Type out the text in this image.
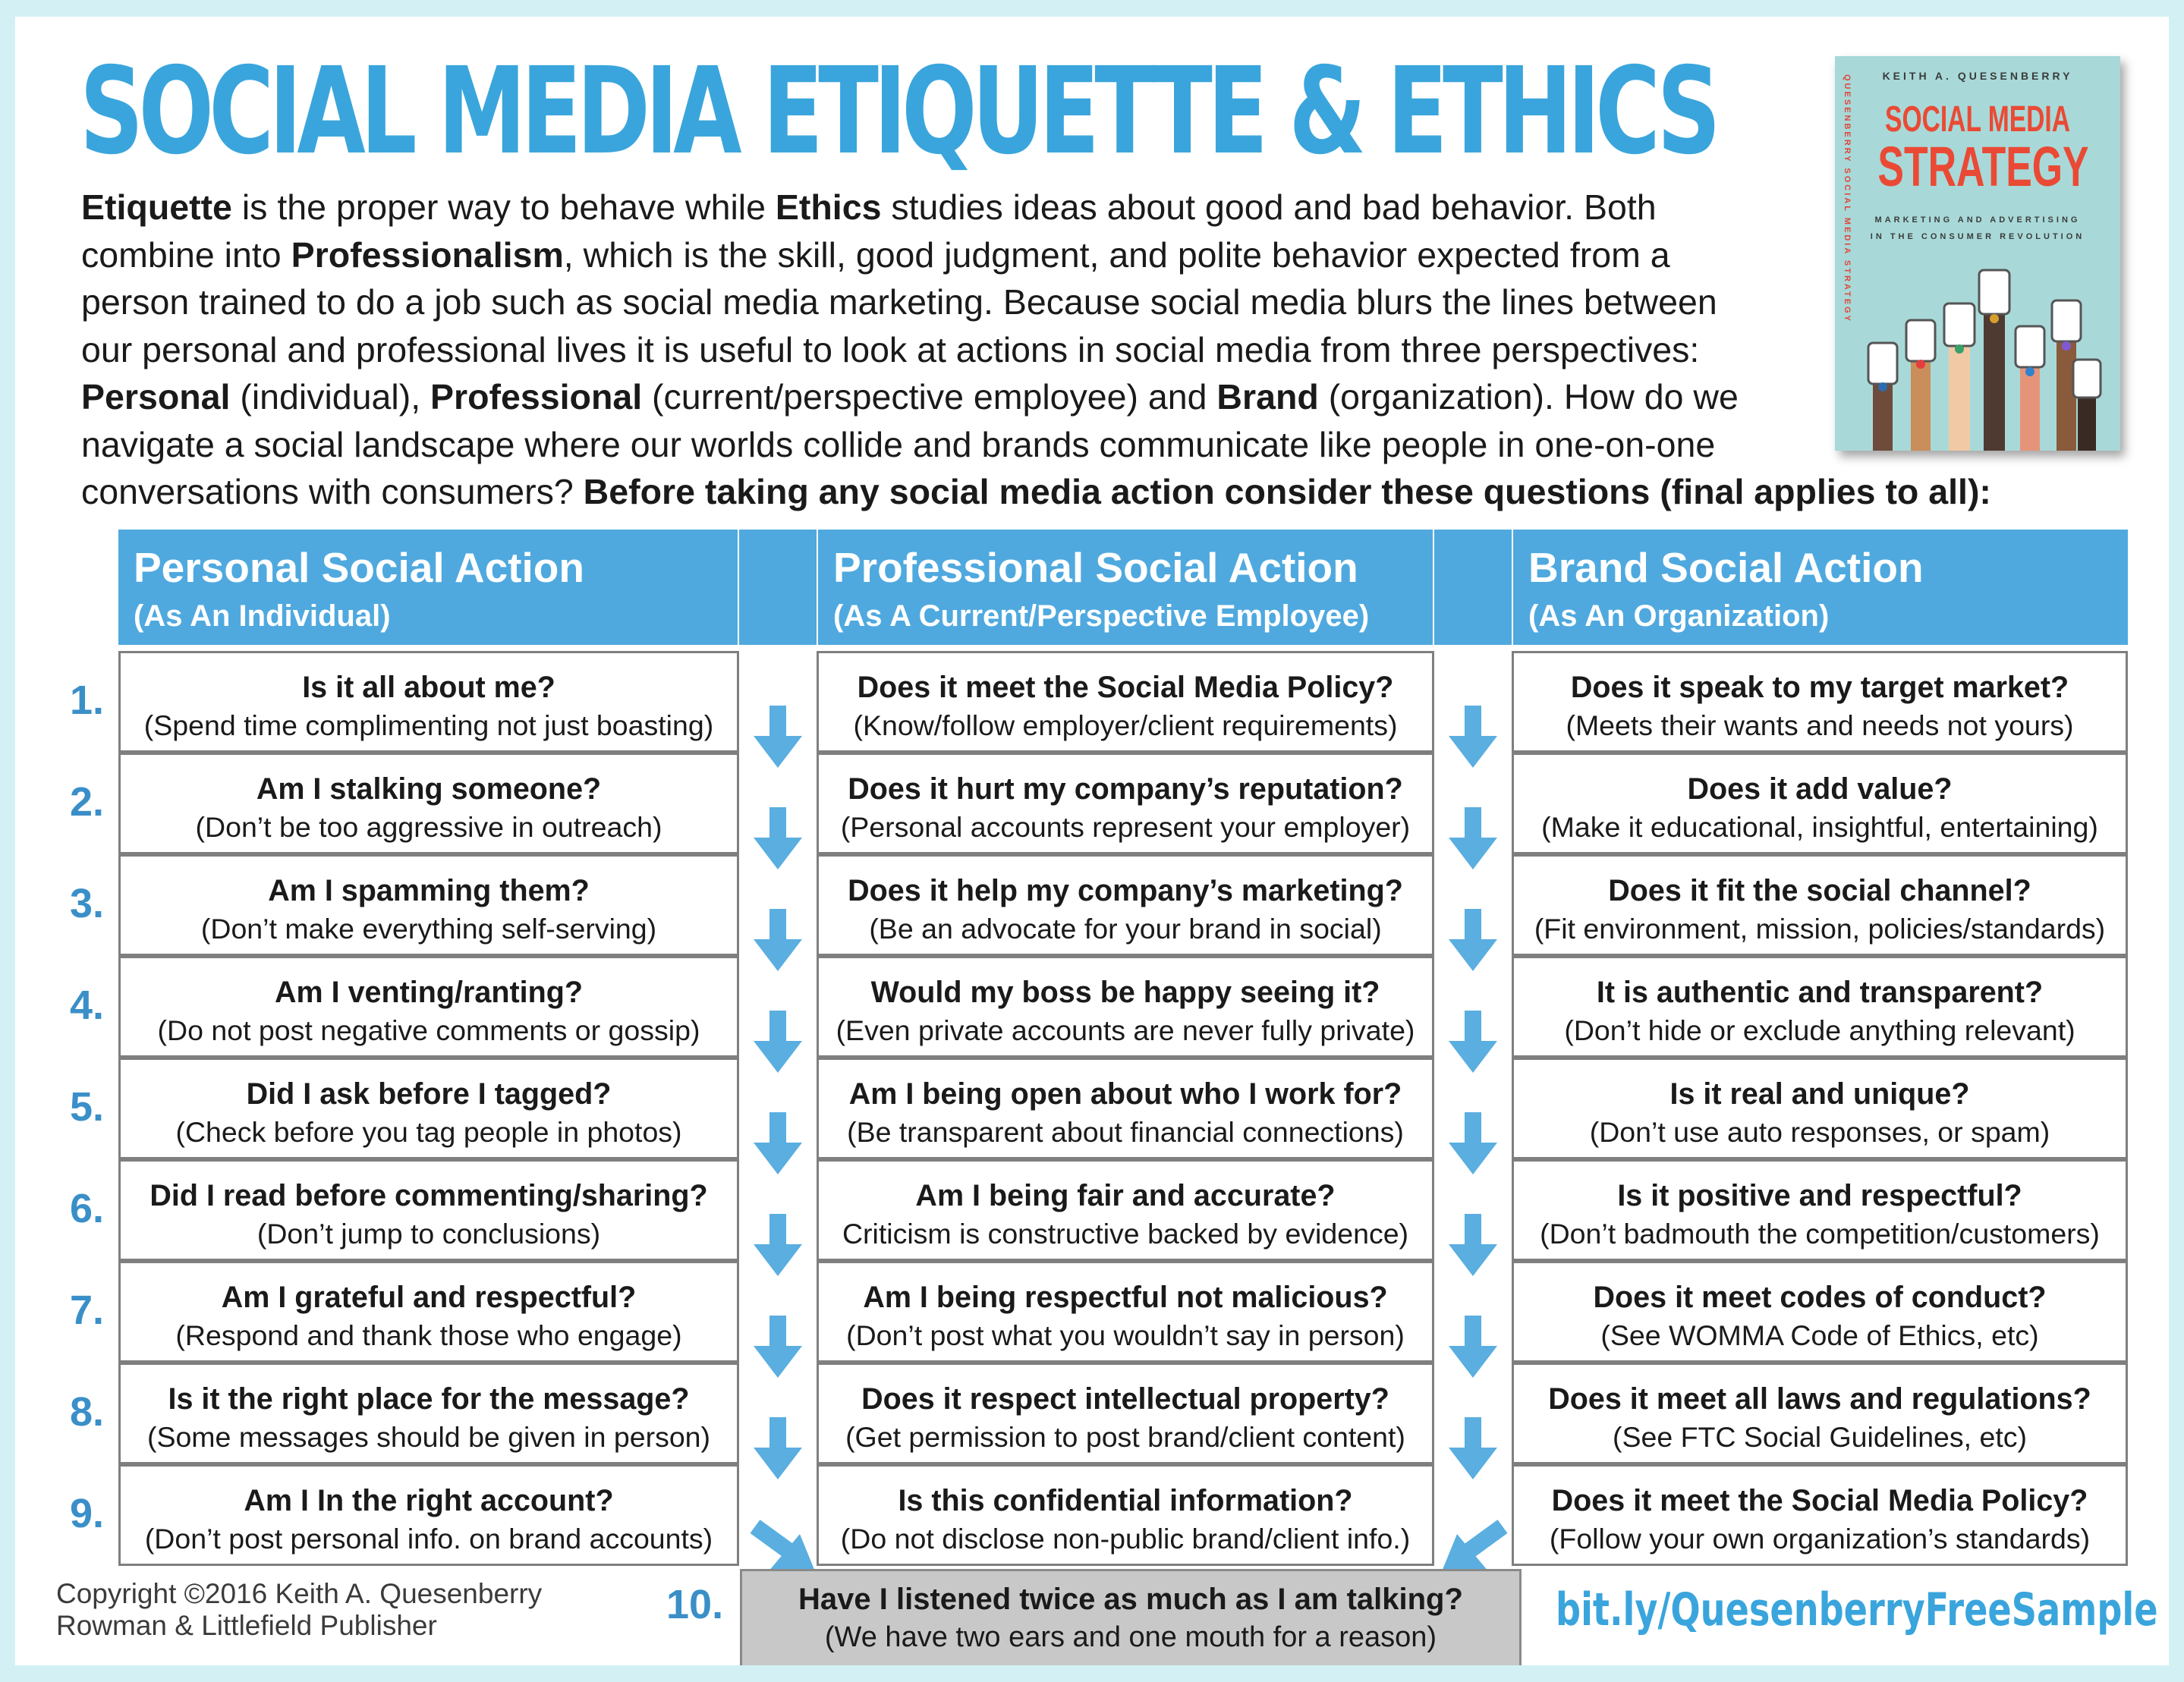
SOCIAL MEDIA ETIQUETTE & ETHICS

Etiquette is the proper way to behave while Ethics studies ideas about good and bad behavior. Both

combine into Professionalism, which is the skill, good judgment, and polite behavior expected from a

person trained to do a job such as social media marketing. Because social media blurs the lines between

our personal and professional lives it is useful to look at actions in social media from three perspectives:

Personal (individual), Professional (current/perspective employee) and Brand (organization). How do we

navigate a social landscape where our worlds collide and brands communicate like people in one-on-one

conversations with consumers? Before taking any social media action consider these questions (final applies to all):

KEITH A. QUESENBERRY
QUESENBERRY SOCIAL MEDIA STRATEGY SOCIAL MEDIA
STRATEGY
MARKETING AND ADVERTISING IN THE CONSUMER REVOLUTION
Personal Social Action
(As An Individual)
Professional Social Action
(As A Current/Perspective Employee)
Brand Social Action
(As An Organization)
1.
2.
3.
4.
5.
6.
7.
8.
9.
Is it all about me?
(Spend time complimenting not just boasting)
Am I stalking someone?
(Don’t be too aggressive in outreach)
Am I spamming them?
(Don’t make everything self-serving)
Am I venting/ranting?
(Do not post negative comments or gossip)
Did I ask before I tagged?
(Check before you tag people in photos)
Did I read before commenting/sharing?
(Don’t jump to conclusions)
Am I grateful and respectful?
(Respond and thank those who engage)
Is it the right place for the message?
(Some messages should be given in person)
Am I In the right account?
(Don’t post personal info. on brand accounts)
Does it meet the Social Media Policy?
(Know/follow employer/client requirements)
Does it hurt my company’s reputation?
(Personal accounts represent your employer)
Does it help my company’s marketing?
(Be an advocate for your brand in social)
Would my boss be happy seeing it?
(Even private accounts are never fully private)
Am I being open about who I work for?
(Be transparent about financial connections)
Am I being fair and accurate?
Criticism is constructive backed by evidence)
Am I being respectful not malicious?
(Don’t post what you wouldn’t say in person)
Does it respect intellectual property?
(Get permission to post brand/client content)
Is this confidential information?
(Do not disclose non-public brand/client info.)
Does it speak to my target market?
(Meets their wants and needs not yours)
Does it add value?
(Make it educational, insightful, entertaining)
Does it fit the social channel?
(Fit environment, mission, policies/standards)
It is authentic and transparent?
(Don’t hide or exclude anything relevant)
Is it real and unique?
(Don’t use auto responses, or spam)
Is it positive and respectful?
(Don’t badmouth the competition/customers)
Does it meet codes of conduct?
(See WOMMA Code of Ethics, etc)
Does it meet all laws and regulations?
(See FTC Social Guidelines, etc)
Does it meet the Social Media Policy?
(Follow your own organization’s standards)

Copyright ©2016 Keith A. Quesenberry

Rowman & Littlefield Publisher	10.	Have I listened twice as much as I am talking?
(We have two ears and one mouth for a reason)
bit.ly/QuesenberryFreeSample
